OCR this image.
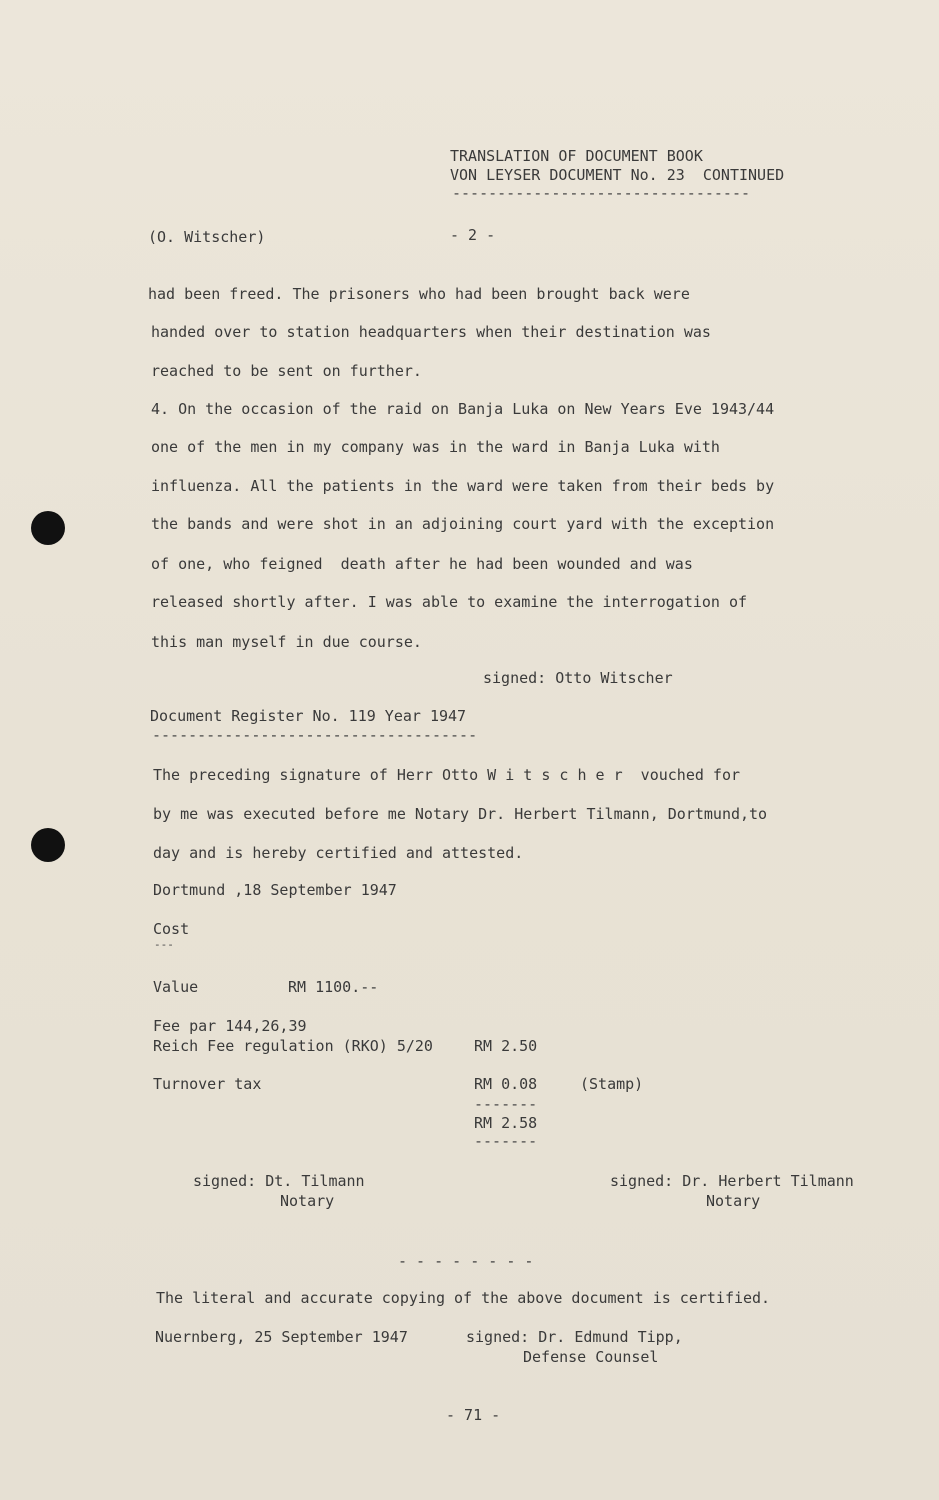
TRANSLATION OF DOCUMENT BOOK
VON LEYSER DOCUMENT No. 23  CONTINUED
---------------------------------
(O. Witscher)	- 2 -
had been freed. The prisoners who had been brought back were
handed over to station headquarters when their destination was
reached to be sent on further.
4. On the occasion of the raid on Banja Luka on New Years Eve 1943/44
one of the men in my company was in the ward in Banja Luka with
influenza. All the patients in the ward were taken from their beds by
the bands and were shot in an adjoining court yard with the exception
of one, who feigned  death after he had been wounded and was
released shortly after. I was able to examine the interrogation of
this man myself in due course.
signed: Otto Witscher
Document Register No. 119 Year 1947
------------------------------------
The preceding signature of Herr Otto W i t s c h e r  vouched for
by me was executed before me Notary Dr. Herbert Tilmann, Dortmund,to
day and is hereby certified and attested.
Dortmund ,18 September 1947
Cost
---
Value	RM 1100.--
Fee par 144,26,39
Reich Fee regulation (RKO) 5/20	RM 2.50
Turnover tax	RM 0.08	(Stamp)
-------
RM 2.58
-------
signed: Dt. Tilmann
Notary
signed: Dr. Herbert Tilmann
Notary
- - - - - - - -
The literal and accurate copying of the above document is certified.
Nuernberg, 25 September 1947	signed: Dr. Edmund Tipp,
Defense Counsel
- 71 -
